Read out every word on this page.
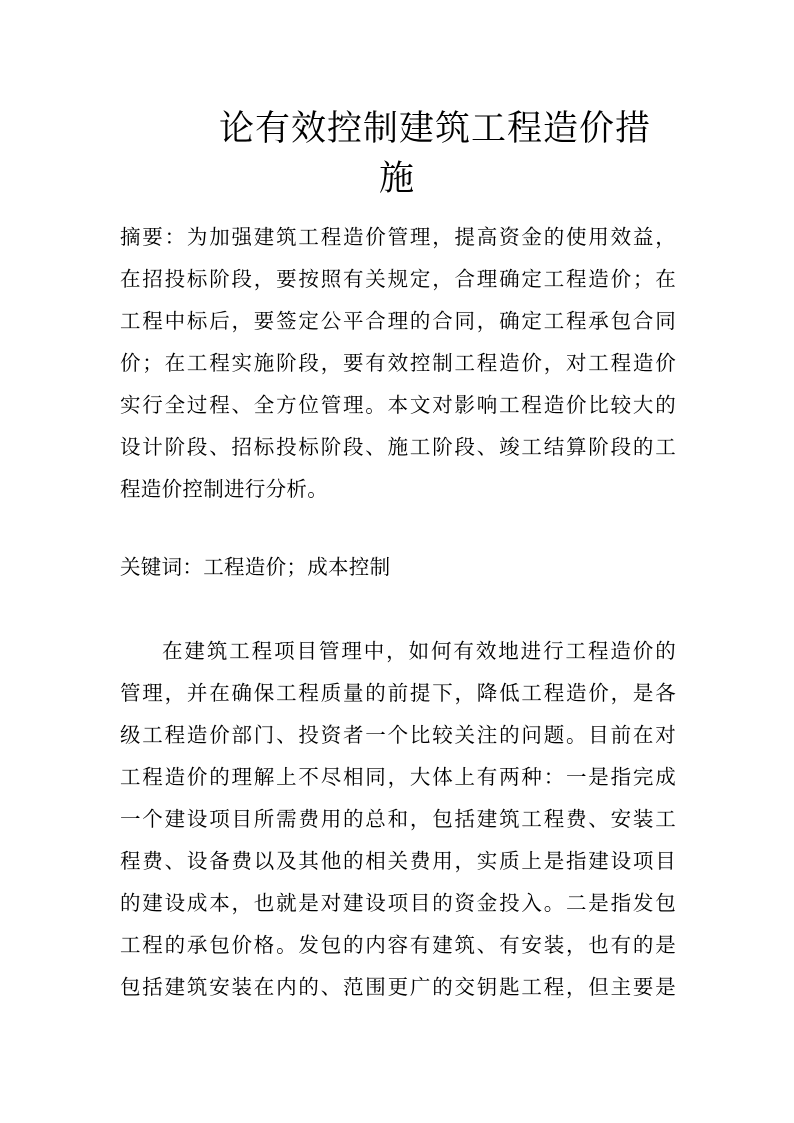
论有效控制建筑工程造价措
施
摘要：为加强建筑工程造价管理，提高资金的使用效益，
在招投标阶段，要按照有关规定，合理确定工程造价；在
工程中标后，要签定公平合理的合同，确定工程承包合同
价；在工程实施阶段，要有效控制工程造价，对工程造价
实行全过程、全方位管理。本文对影响工程造价比较大的
设计阶段、招标投标阶段、施工阶段、竣工结算阶段的工
程造价控制进行分析。
关键词：工程造价；成本控制
在建筑工程项目管理中，如何有效地进行工程造价的
管理，并在确保工程质量的前提下，降低工程造价，是各
级工程造价部门、投资者一个比较关注的问题。目前在对
工程造价的理解上不尽相同，大体上有两种：一是指完成
一个建设项目所需费用的总和，包括建筑工程费、安装工
程费、设备费以及其他的相关费用，实质上是指建设项目
的建设成本，也就是对建设项目的资金投入。二是指发包
工程的承包价格。发包的内容有建筑、有安装，也有的是
包括建筑安装在内的、范围更广的交钥匙工程，但主要是
